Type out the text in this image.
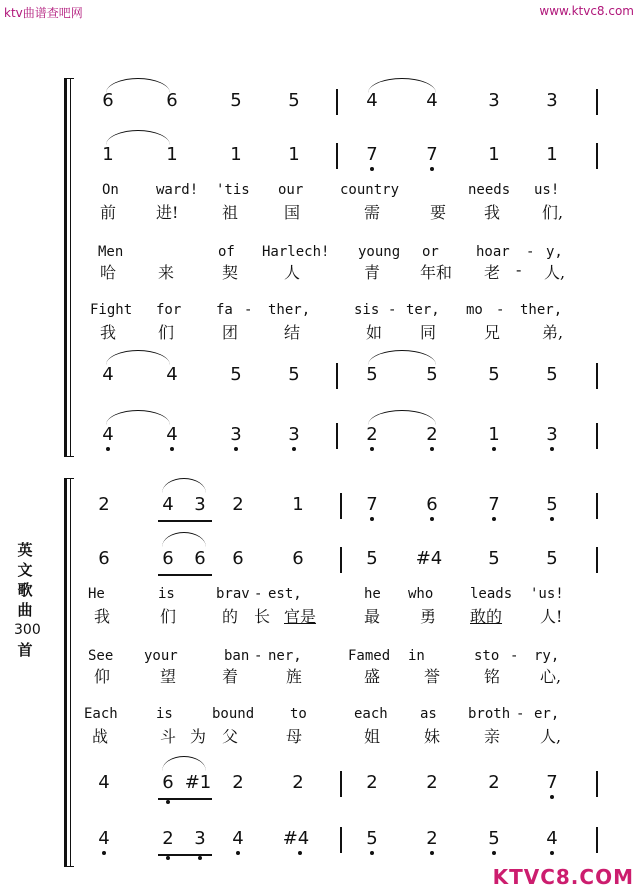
ktv曲谱查吧网	www.ktvc8.com
KTVC8.COM
英
文
歌
曲
300
首
6	6	5	5	4	4	3	3
1	1	1	1	7	7	1	1
On	ward! 'tis our	country	needs us!
前 进!	祖	国	需	要 我	们,
Men	of Harlech! young or	hoar - y,
哈	来	契	人	青 年和 老 - 人,
Fight for fa - ther,	sis - ter, mo - ther,
我	们	团	结	如 同	兄	弟,
4	4	5	5	5	5	5	5
4	4	3	3	2	2	1	3
2	4	3	2	1	7	6	7	5
6	6	6	6	6	5	#4	5	5
He	is	brav - est,	he who	leads 'us!
我	们	的 长 官是	最 勇 敢的 人!
See your	ban - ner,	Famed in	sto - ry,
仰	望	着	旌	盛	誉	铭 心,
Each	is	bound	to	each as broth - er,
战	斗 为 父	母	姐	妹	亲 人,
4	6 #1	2	2	2	2	2	7
4	2	3	4	#4	5	2	5	4
